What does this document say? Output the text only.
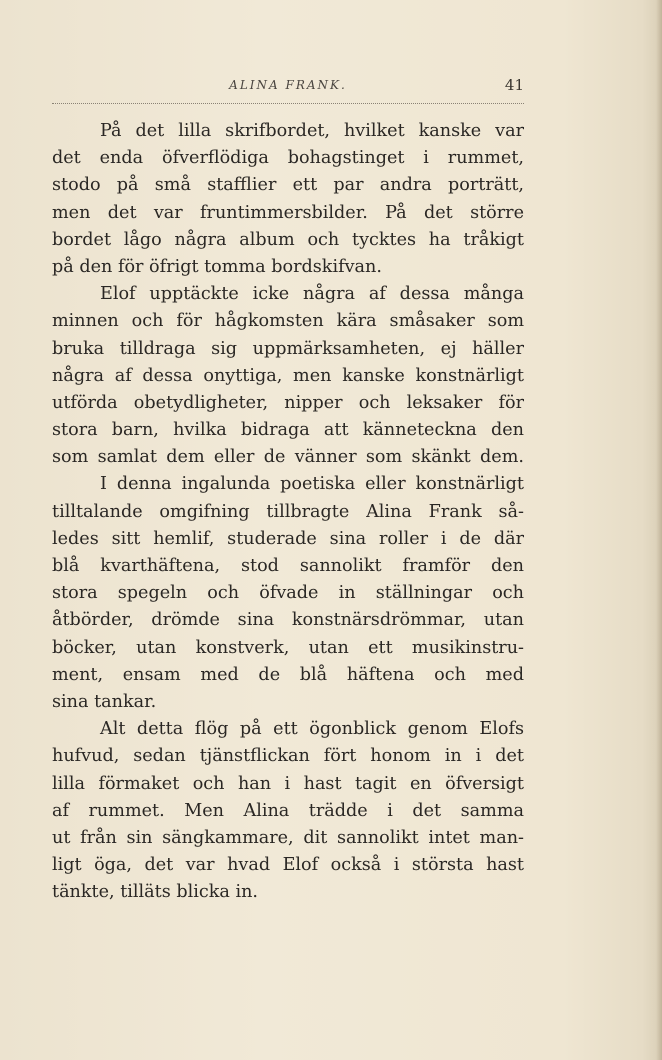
ALINA FRANK.	41
På det lilla skrifbordet, hvilket kanske var
det enda öfverflödiga bohagstinget i rummet,
stodo på små stafflier ett par andra porträtt,
men det var fruntimmersbilder. På det större
bordet lågo några album och tycktes ha tråkigt
på den för öfrigt tomma bordskifvan.
Elof upptäckte icke några af dessa många
minnen och för hågkomsten kära småsaker som
bruka tilldraga sig uppmärksamheten, ej häller
några af dessa onyttiga, men kanske konstnärligt
utförda obetydligheter, nipper och leksaker för
stora barn, hvilka bidraga att känneteckna den
som samlat dem eller de vänner som skänkt dem.
I denna ingalunda poetiska eller konstnärligt
tilltalande omgifning tillbragte Alina Frank så-
ledes sitt hemlif, studerade sina roller i de där
blå kvarthäftena, stod sannolikt framför den
stora spegeln och öfvade in ställningar och
åtbörder, drömde sina konstnärsdrömmar, utan
böcker, utan konstverk, utan ett musikinstru-
ment, ensam med de blå häftena och med
sina tankar.
Alt detta flög på ett ögonblick genom Elofs
hufvud, sedan tjänstflickan fört honom in i det
lilla förmaket och han i hast tagit en öfversigt
af rummet. Men Alina trädde i det samma
ut från sin sängkammare, dit sannolikt intet man-
ligt öga, det var hvad Elof också i största hast
tänkte, tilläts blicka in.
